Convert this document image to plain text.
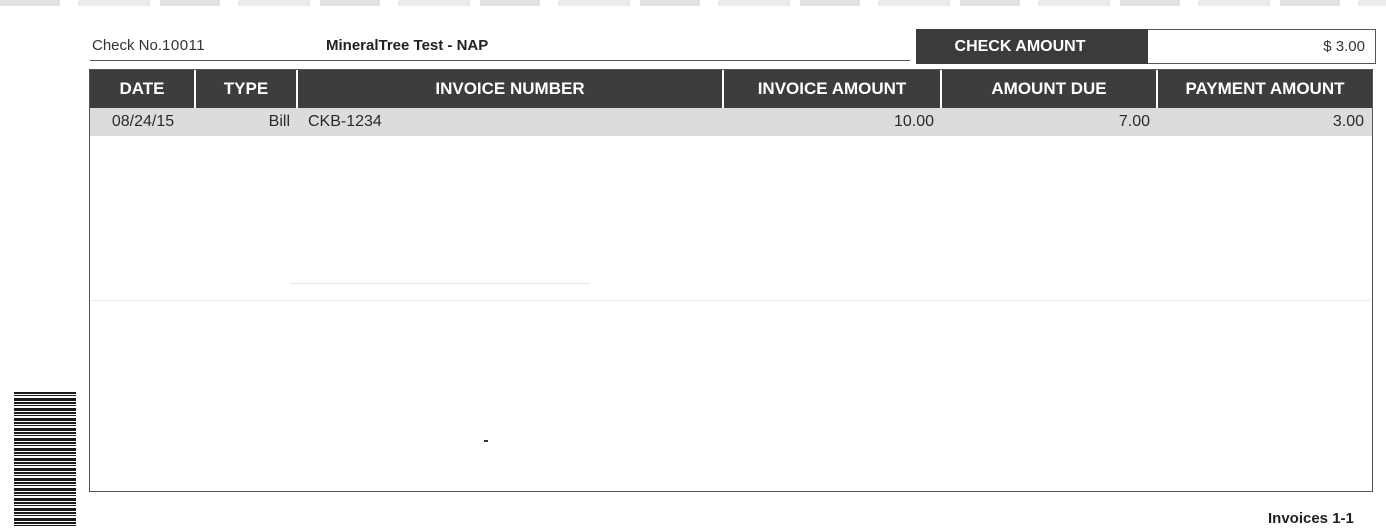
Check No.10011	MineralTree Test - NAP	CHECK AMOUNT	$ 3.00
DATE	TYPE	INVOICE NUMBER	INVOICE AMOUNT	AMOUNT DUE	PAYMENT AMOUNT
08/24/15	Bill	CKB-1234	10.00	7.00	3.00
Invoices 1-1
